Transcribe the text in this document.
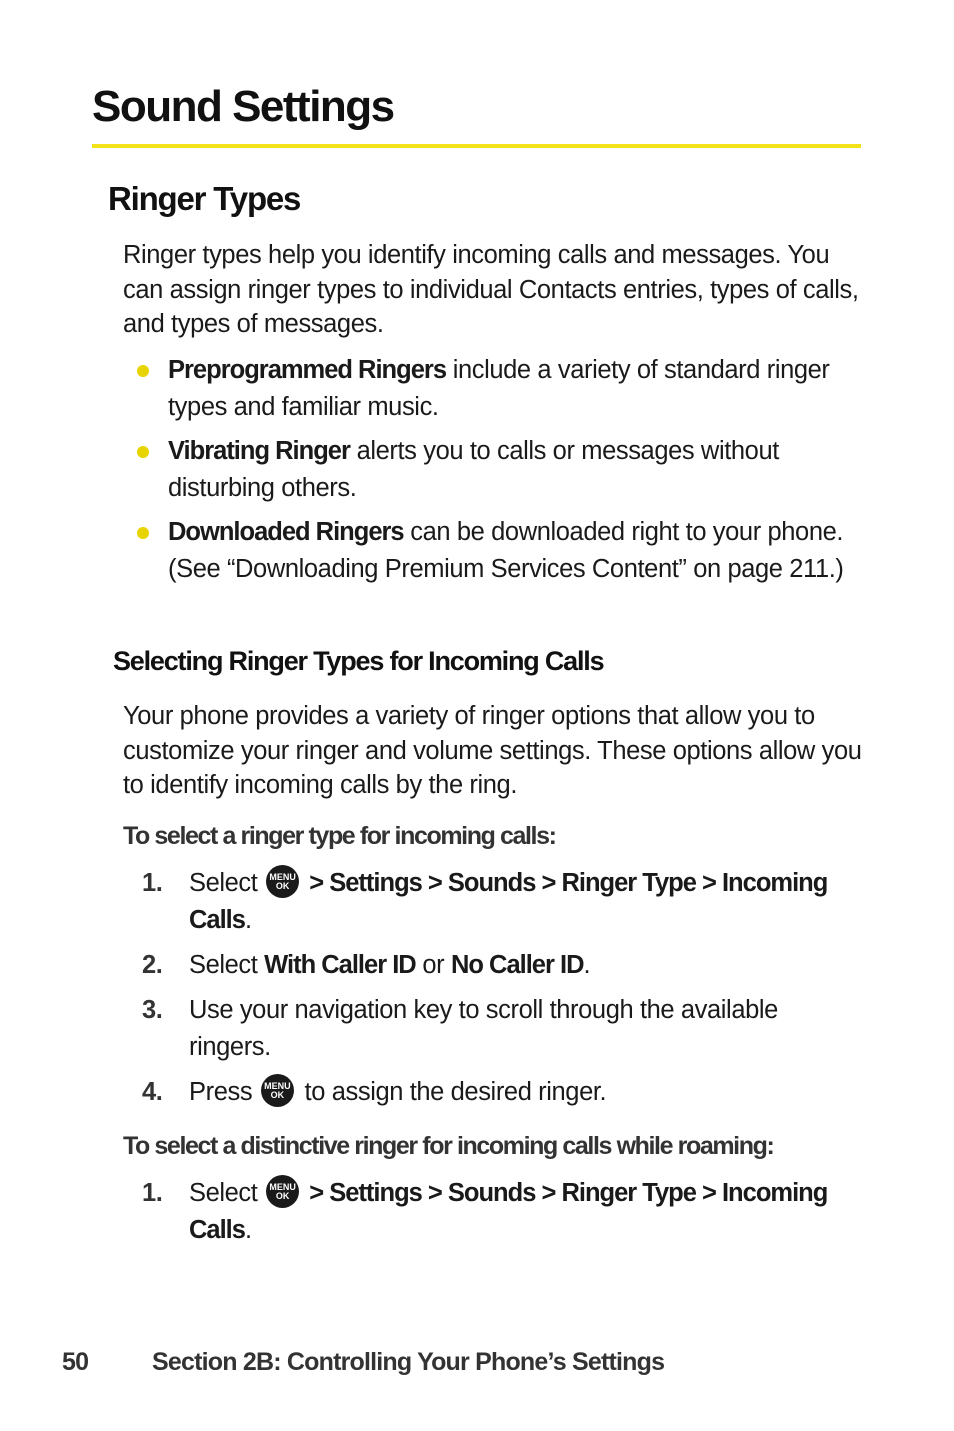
Sound Settings
Ringer Types

Ringer types help you identify incoming calls and messages. You can assign ringer types to individual Contacts entries, types of calls, and types of messages.

Preprogrammed Ringers include a variety of standard ringer types and familiar music.
Vibrating Ringer alerts you to calls or messages without disturbing others.
Downloaded Ringers can be downloaded right to your phone. (See “Downloading Premium Services Content” on page 211.)
Selecting Ringer Types for Incoming Calls

Your phone provides a variety of ringer options that allow you to customize your ringer and volume settings. These options allow you to identify incoming calls by the ring.

To select a ringer type for incoming calls:
1. Select MENU
OK > Settings > Sounds > Ringer Type > Incoming Calls.
2. Select With Caller ID or No Caller ID.
3. Use your navigation key to scroll through the available ringers.
4. Press MENU
OK to assign the desired ringer.
To select a distinctive ringer for incoming calls while roaming:
1. Select MENU
OK > Settings > Sounds > Ringer Type > Incoming Calls.
50	Section 2B: Controlling Your Phone’s Settings
